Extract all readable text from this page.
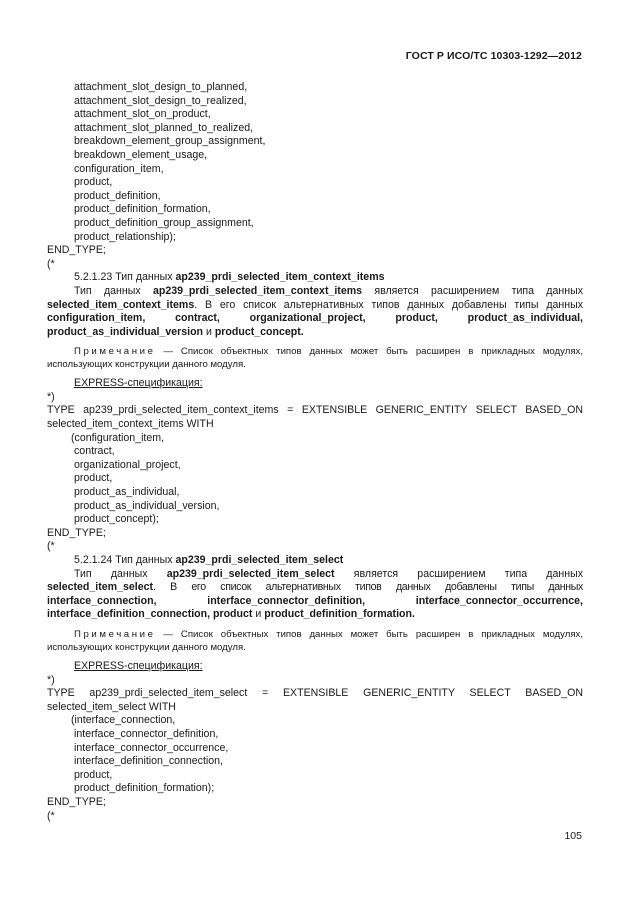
ГОСТ Р ИСО/ТС 10303-1292—2012
attachment_slot_design_to_planned,
attachment_slot_design_to_realized,
attachment_slot_on_product,
attachment_slot_planned_to_realized,
breakdown_element_group_assignment,
breakdown_element_usage,
configuration_item,
product,
product_definition,
product_definition_formation,
product_definition_group_assignment,
product_relationship);
END_TYPE;
(*
5.2.1.23 Тип данных ap239_prdi_selected_item_context_items
Тип данных ap239_prdi_selected_item_context_items является расширением типа данных selected_item_context_items. В его список альтернативных типов данных добавлены типы данных configuration_item, contract, organizational_project, product, product_as_individual, product_as_individual_version и product_concept.
Примечание — Список объектных типов данных может быть расширен в прикладных модулях, использующих конструкции данного модуля.
EXPRESS-спецификация:
*)
TYPE ap239_prdi_selected_item_context_items = EXTENSIBLE GENERIC_ENTITY SELECT BASED_ON selected_item_context_items WITH
(configuration_item,
contract,
organizational_project,
product,
product_as_individual,
product_as_individual_version,
product_concept);
END_TYPE;
(*
5.2.1.24 Тип данных ap239_prdi_selected_item_select
Тип данных ap239_prdi_selected_item_select является расширением типа данных selected_item_select. В его список альтернативных типов данных добавлены типы данных interface_connection, interface_connector_definition, interface_connector_occurrence, interface_definition_connection, product и product_definition_formation.
Примечание — Список объектных типов данных может быть расширен в прикладных модулях, использующих конструкции данного модуля.
EXPRESS-спецификация:
*)
TYPE ap239_prdi_selected_item_select = EXTENSIBLE GENERIC_ENTITY SELECT BASED_ON selected_item_select WITH
(interface_connection,
interface_connector_definition,
interface_connector_occurrence,
interface_definition_connection,
product,
product_definition_formation);
END_TYPE;
(*
105
